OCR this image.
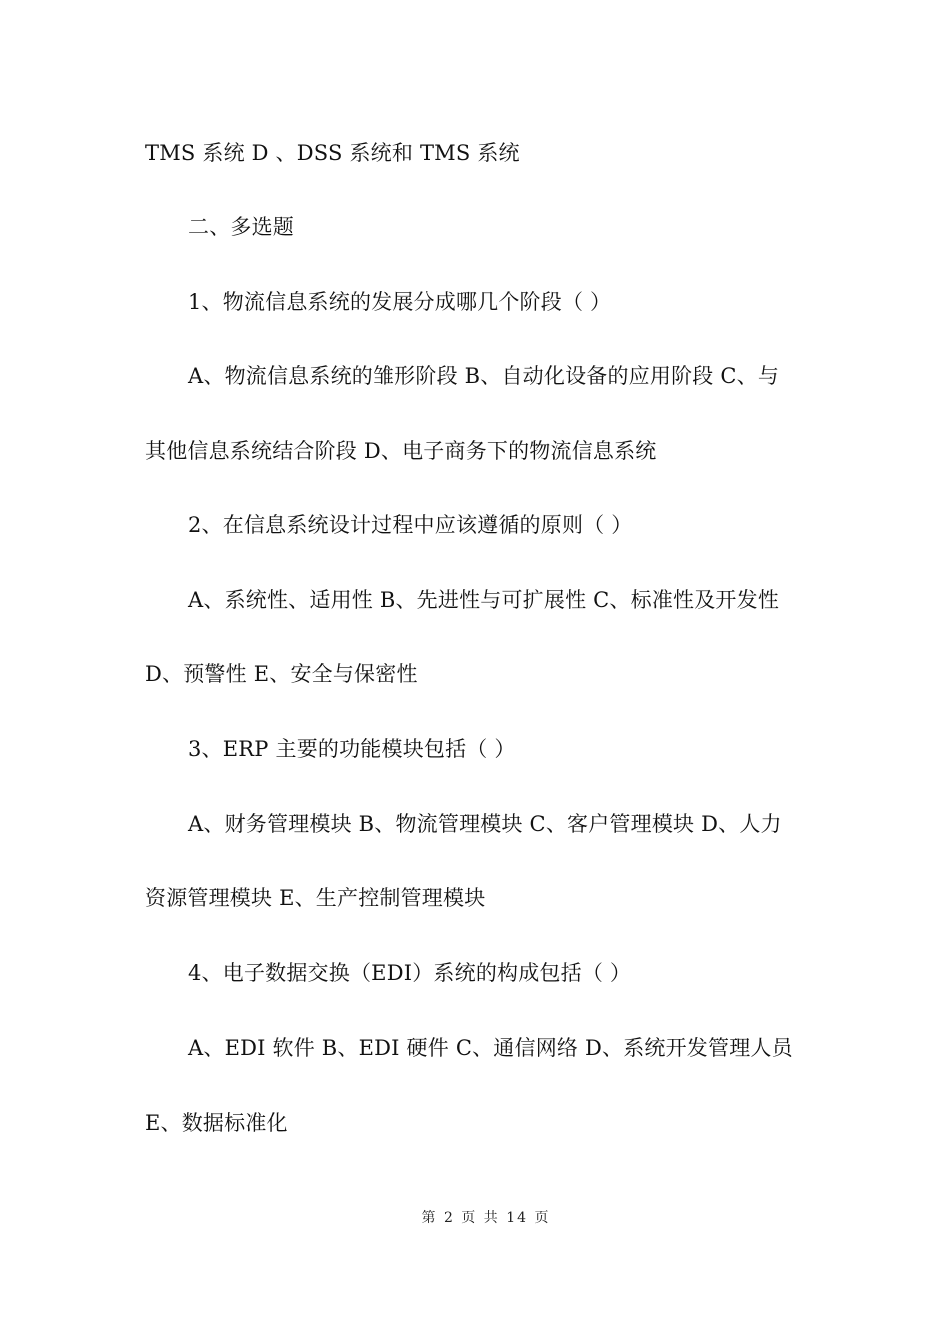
TMS 系统 D 、DSS 系统和 TMS 系统
二、多选题
1、物流信息系统的发展分成哪几个阶段（ ）
A、物流信息系统的雏形阶段 B、自动化设备的应用阶段 C、与
其他信息系统结合阶段 D、电子商务下的物流信息系统
2、在信息系统设计过程中应该遵循的原则（ ）
A、系统性、适用性 B、先进性与可扩展性 C、标准性及开发性
D、预警性 E、安全与保密性
3、ERP 主要的功能模块包括（ ）
A、财务管理模块 B、物流管理模块 C、客户管理模块 D、人力
资源管理模块 E、生产控制管理模块
4、电子数据交换（EDI）系统的构成包括（ ）
A、EDI 软件 B、EDI 硬件 C、通信网络 D、系统开发管理人员
E、数据标准化
第 2 页 共 14 页
